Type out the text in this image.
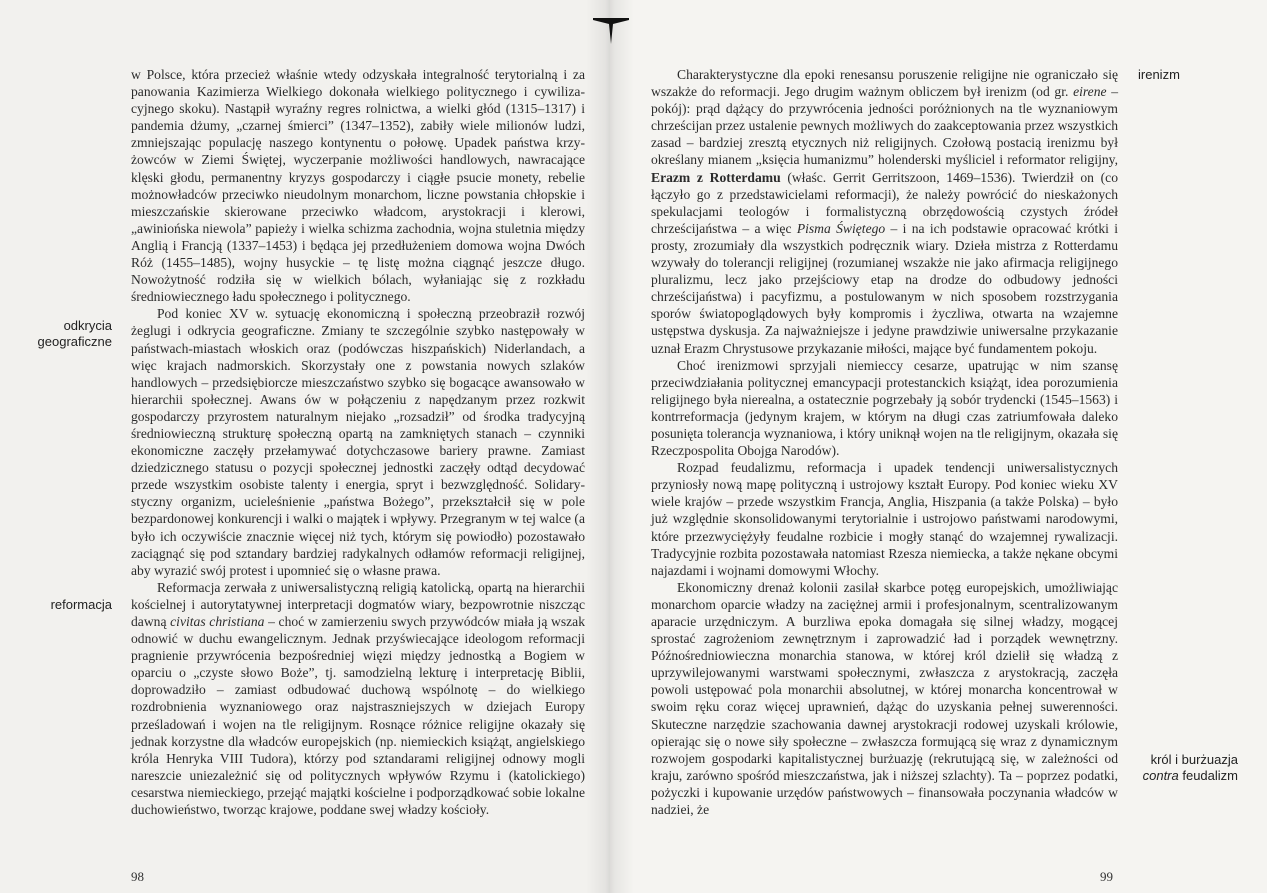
w Polsce, która przecież właśnie wtedy odzyskała integralność terytorialną i za panowania Kazimierza Wielkiego dokonała wielkiego politycznego i cywilizacyjnego skoku). Nastąpił wyraźny regres rolnictwa, a wielki głód (1315–1317) i pandemia dżumy, „czarnej śmierci” (1347–1352), zabiły wiele milionów ludzi, zmniejszając populację naszego kontynentu o połowę. Upadek państwa krzyżowców w Ziemi Świętej, wyczerpanie możliwości handlowych, nawracające klęski głodu, permanentny kryzys gospodarczy i ciągłe psucie monety, rebelie możnowładców przeciwko nieudolnym monarchom, liczne powstania chłopskie i mieszczańskie skierowane przeciwko władcom, arystokracji i klerowi, „awiniońska niewola” papieży i wielka schizma zachodnia, wojna stuletnia między Anglią i Francją (1337–1453) i będąca jej przedłużeniem domowa wojna Dwóch Róż (1455–1485), wojny husyckie – tę listę można ciągnąć jeszcze długo. Nowożytność rodziła się w wielkich bólach, wyłaniając się z rozkładu średniowiecznego ładu społecznego i politycznego.

Pod koniec XV w. sytuację ekonomiczną i społeczną przeobraził rozwój żeglugi i odkrycia geograficzne. Zmiany te szczególnie szybko następowały w państwach-miastach włoskich oraz (podówczas hiszpańskich) Niderlandach, a więc krajach nadmorskich. Skorzystały one z powstania nowych szlaków handlowych – przedsiębiorcze mieszczaństwo szybko się bogacące awansowało w hierarchii społecznej. Awans ów w połączeniu z napędzanym przez rozkwit gospodarczy przyrostem naturalnym niejako „rozsadził” od środka tradycyjną średniowieczną strukturę społeczną opartą na zamkniętych stanach – czynniki ekonomiczne zaczęły przełamywać dotychczasowe bariery prawne. Zamiast dziedzicznego statusu o pozycji społecznej jednostki zaczęły odtąd decydować przede wszystkim osobiste talenty i energia, spryt i bezwzględność. Solidarystyczny organizm, ucieleśnienie „państwa Bożego”, przekształcił się w pole bezpardonowej konkurencji i walki o majątek i wpływy. Przegranym w tej walce (a było ich oczywiście znacznie więcej niż tych, którym się powiodło) pozostawało zaciągnąć się pod sztandary bardziej radykalnych odłamów reformacji religijnej, aby wyrazić swój protest i upomnieć się o własne prawa.

Reformacja zerwała z uniwersalistyczną religią katolicką, opartą na hierarchii kościelnej i autorytatywnej interpretacji dogmatów wiary, bezpowrotnie niszcząc dawną civitas christiana – choć w zamierzeniu swych przywódców miała ją wszak odnowić w duchu ewangelicznym. Jednak przyświecające ideologom reformacji pragnienie przywrócenia bezpośredniej więzi między jednostką a Bogiem w oparciu o „czyste słowo Boże”, tj. samodzielną lekturę i interpretację Biblii, doprowadziło – zamiast odbudować duchową wspólnotę – do wielkiego rozdrobnienia wyznaniowego oraz najstraszniejszych w dziejach Europy prześladowań i wojen na tle religijnym. Rosnące różnice religijne okazały się jednak korzystne dla władców europejskich (np. niemieckich książąt, angielskiego króla Henryka VIII Tudora), którzy pod sztandarami religijnej odnowy mogli nareszcie uniezależnić się od politycznych wpływów Rzymu i (katolickiego) cesarstwa niemieckiego, przejąć majątki kościelne i podporządkować sobie lokalne duchowieństwo, tworząc krajowe, poddane swej władzy kościoły.

Charakterystyczne dla epoki renesansu poruszenie religijne nie ograniczało się wszakże do reformacji. Jego drugim ważnym obliczem był irenizm (od gr. eirene – pokój): prąd dążący do przywrócenia jedności poróżnionych na tle wyznaniowym chrześcijan przez ustalenie pewnych możliwych do zaakceptowania przez wszystkich zasad – bardziej zresztą etycznych niż religijnych. Czołową postacią irenizmu był określany mianem „księcia humanizmu” holenderski myśliciel i reformator religijny, Erazm z Rotterdamu (właśc. Gerrit Gerritszoon, 1469–1536). Twierdził on (co łączyło go z przedstawicielami reformacji), że należy powrócić do nieskażonych spekulacjami teologów i formalistyczną obrzędowością czystych źródeł chrześcijaństwa – a więc Pisma Świętego – i na ich podstawie opracować krótki i prosty, zrozumiały dla wszystkich podręcznik wiary. Dzieła mistrza z Rotterdamu wzywały do tolerancji religijnej (rozumianej wszakże nie jako afirmacja religijnego pluralizmu, lecz jako przejściowy etap na drodze do odbudowy jedności chrześcijaństwa) i pacyfizmu, a postulowanym w nich sposobem rozstrzygania sporów światopoglądowych były kompromis i życzliwa, otwarta na wzajemne ustępstwa dyskusja. Za najważniejsze i jedyne prawdziwie uniwersalne przykazanie uznał Erazm Chrystusowe przykazanie miłości, mające być fundamentem pokoju.

Choć irenizmowi sprzyjali niemieccy cesarze, upatrując w nim szansę przeciwdziałania politycznej emancypacji protestanckich książąt, idea porozumienia religijnego była nierealna, a ostatecznie pogrzebały ją sobór trydencki (1545–1563) i kontrreformacja (jedynym krajem, w którym na długi czas zatriumfowała daleko posunięta tolerancja wyznaniowa, i który uniknął wojen na tle religijnym, okazała się Rzeczpospolita Obojga Narodów).

Rozpad feudalizmu, reformacja i upadek tendencji uniwersalistycznych przyniosły nową mapę polityczną i ustrojowy kształt Europy. Pod koniec wieku XV wiele krajów – przede wszystkim Francja, Anglia, Hiszpania (a także Polska) – było już względnie skonsolidowanymi terytorialnie i ustrojowo państwami narodowymi, które przezwyciężyły feudalne rozbicie i mogły stanąć do wzajemnej rywalizacji. Tradycyjnie rozbita pozostawała natomiast Rzesza niemiecka, a także nękane obcymi najazdami i wojnami domowymi Włochy.

Ekonomiczny drenaż kolonii zasilał skarbce potęg europejskich, umożliwiając monarchom oparcie władzy na zaciężnej armii i profesjonalnym, scentralizowanym aparacie urzędniczym. A burzliwa epoka domagała się silnej władzy, mogącej sprostać zagrożeniom zewnętrznym i zaprowadzić ład i porządek wewnętrzny. Późnośredniowieczna monarchia stanowa, w której król dzielił się władzą z uprzywilejowanymi warstwami społecznymi, zwłaszcza z arystokracją, zaczęła powoli ustępować pola monarchii absolutnej, w której monarcha koncentrował w swoim ręku coraz więcej uprawnień, dążąc do uzyskania pełnej suwerenności. Skuteczne narzędzie szachowania dawnej arystokracji rodowej uzyskali królowie, opierając się o nowe siły społeczne – zwłaszcza formującą się wraz z dynamicznym rozwojem gospodarki kapitalistycznej burżuazję (rekrutującą się, w zależności od kraju, zarówno spośród mieszczaństwa, jak i niższej szlachty). Ta – poprzez podatki, pożyczki i kupowanie urzędów państwowych – finansowała poczynania władców w nadziei, że

odkrycia
geograficzne
reformacja
irenizm
król i burżuazja
contra feudalizm
98	99
